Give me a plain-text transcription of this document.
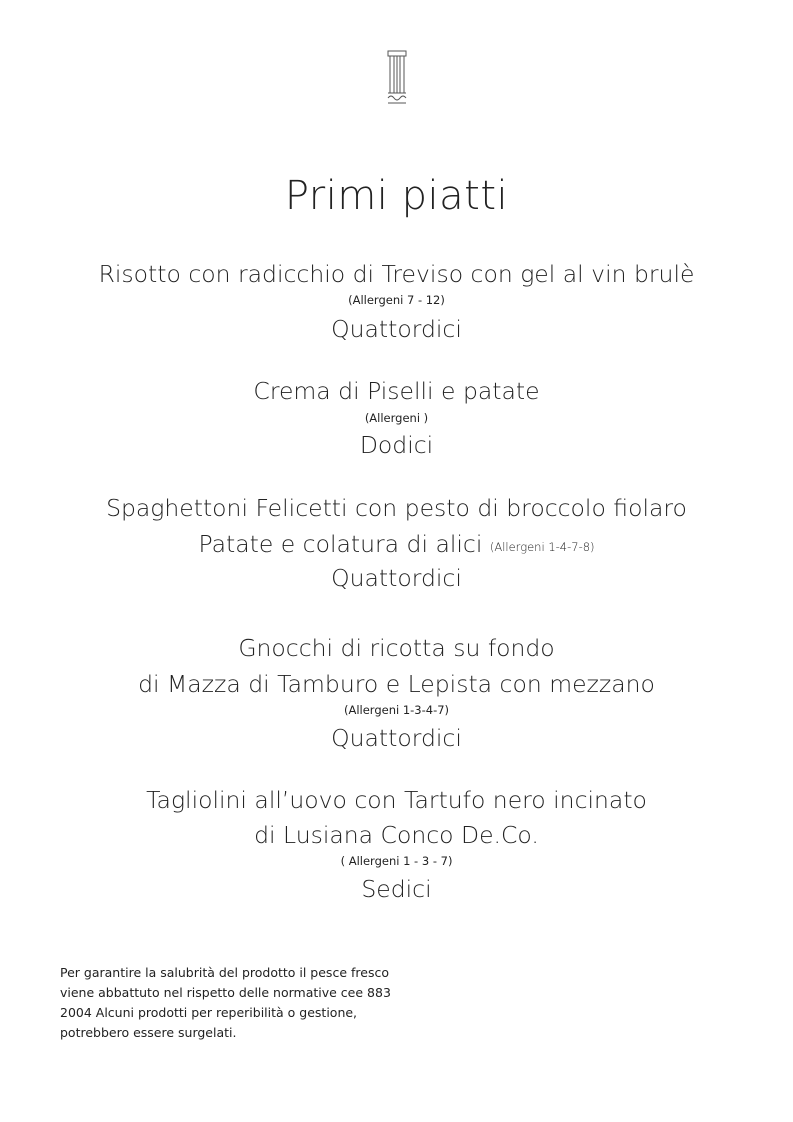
Primi piatti
Risotto con radicchio di Treviso con gel al vin brulè
(Allergeni 7 - 12)
Quattordici
Crema di Piselli e patate
(Allergeni )
Dodici
Spaghettoni Felicetti con pesto di broccolo fiolaro
Patate e colatura di alici (Allergeni 1-4-7-8)
Quattordici
Gnocchi di ricotta su fondo
di Mazza di Tamburo e Lepista con mezzano
(Allergeni 1-3-4-7)
Quattordici
Tagliolini all’uovo con Tartufo nero incinato
di Lusiana Conco De.Co.
( Allergeni 1 - 3 - 7)
Sedici
Per garantire la salubrità del prodotto il pesce fresco
viene abbattuto nel rispetto delle normative cee 883
2004 Alcuni prodotti per reperibilità o gestione,
potrebbero essere surgelati.
